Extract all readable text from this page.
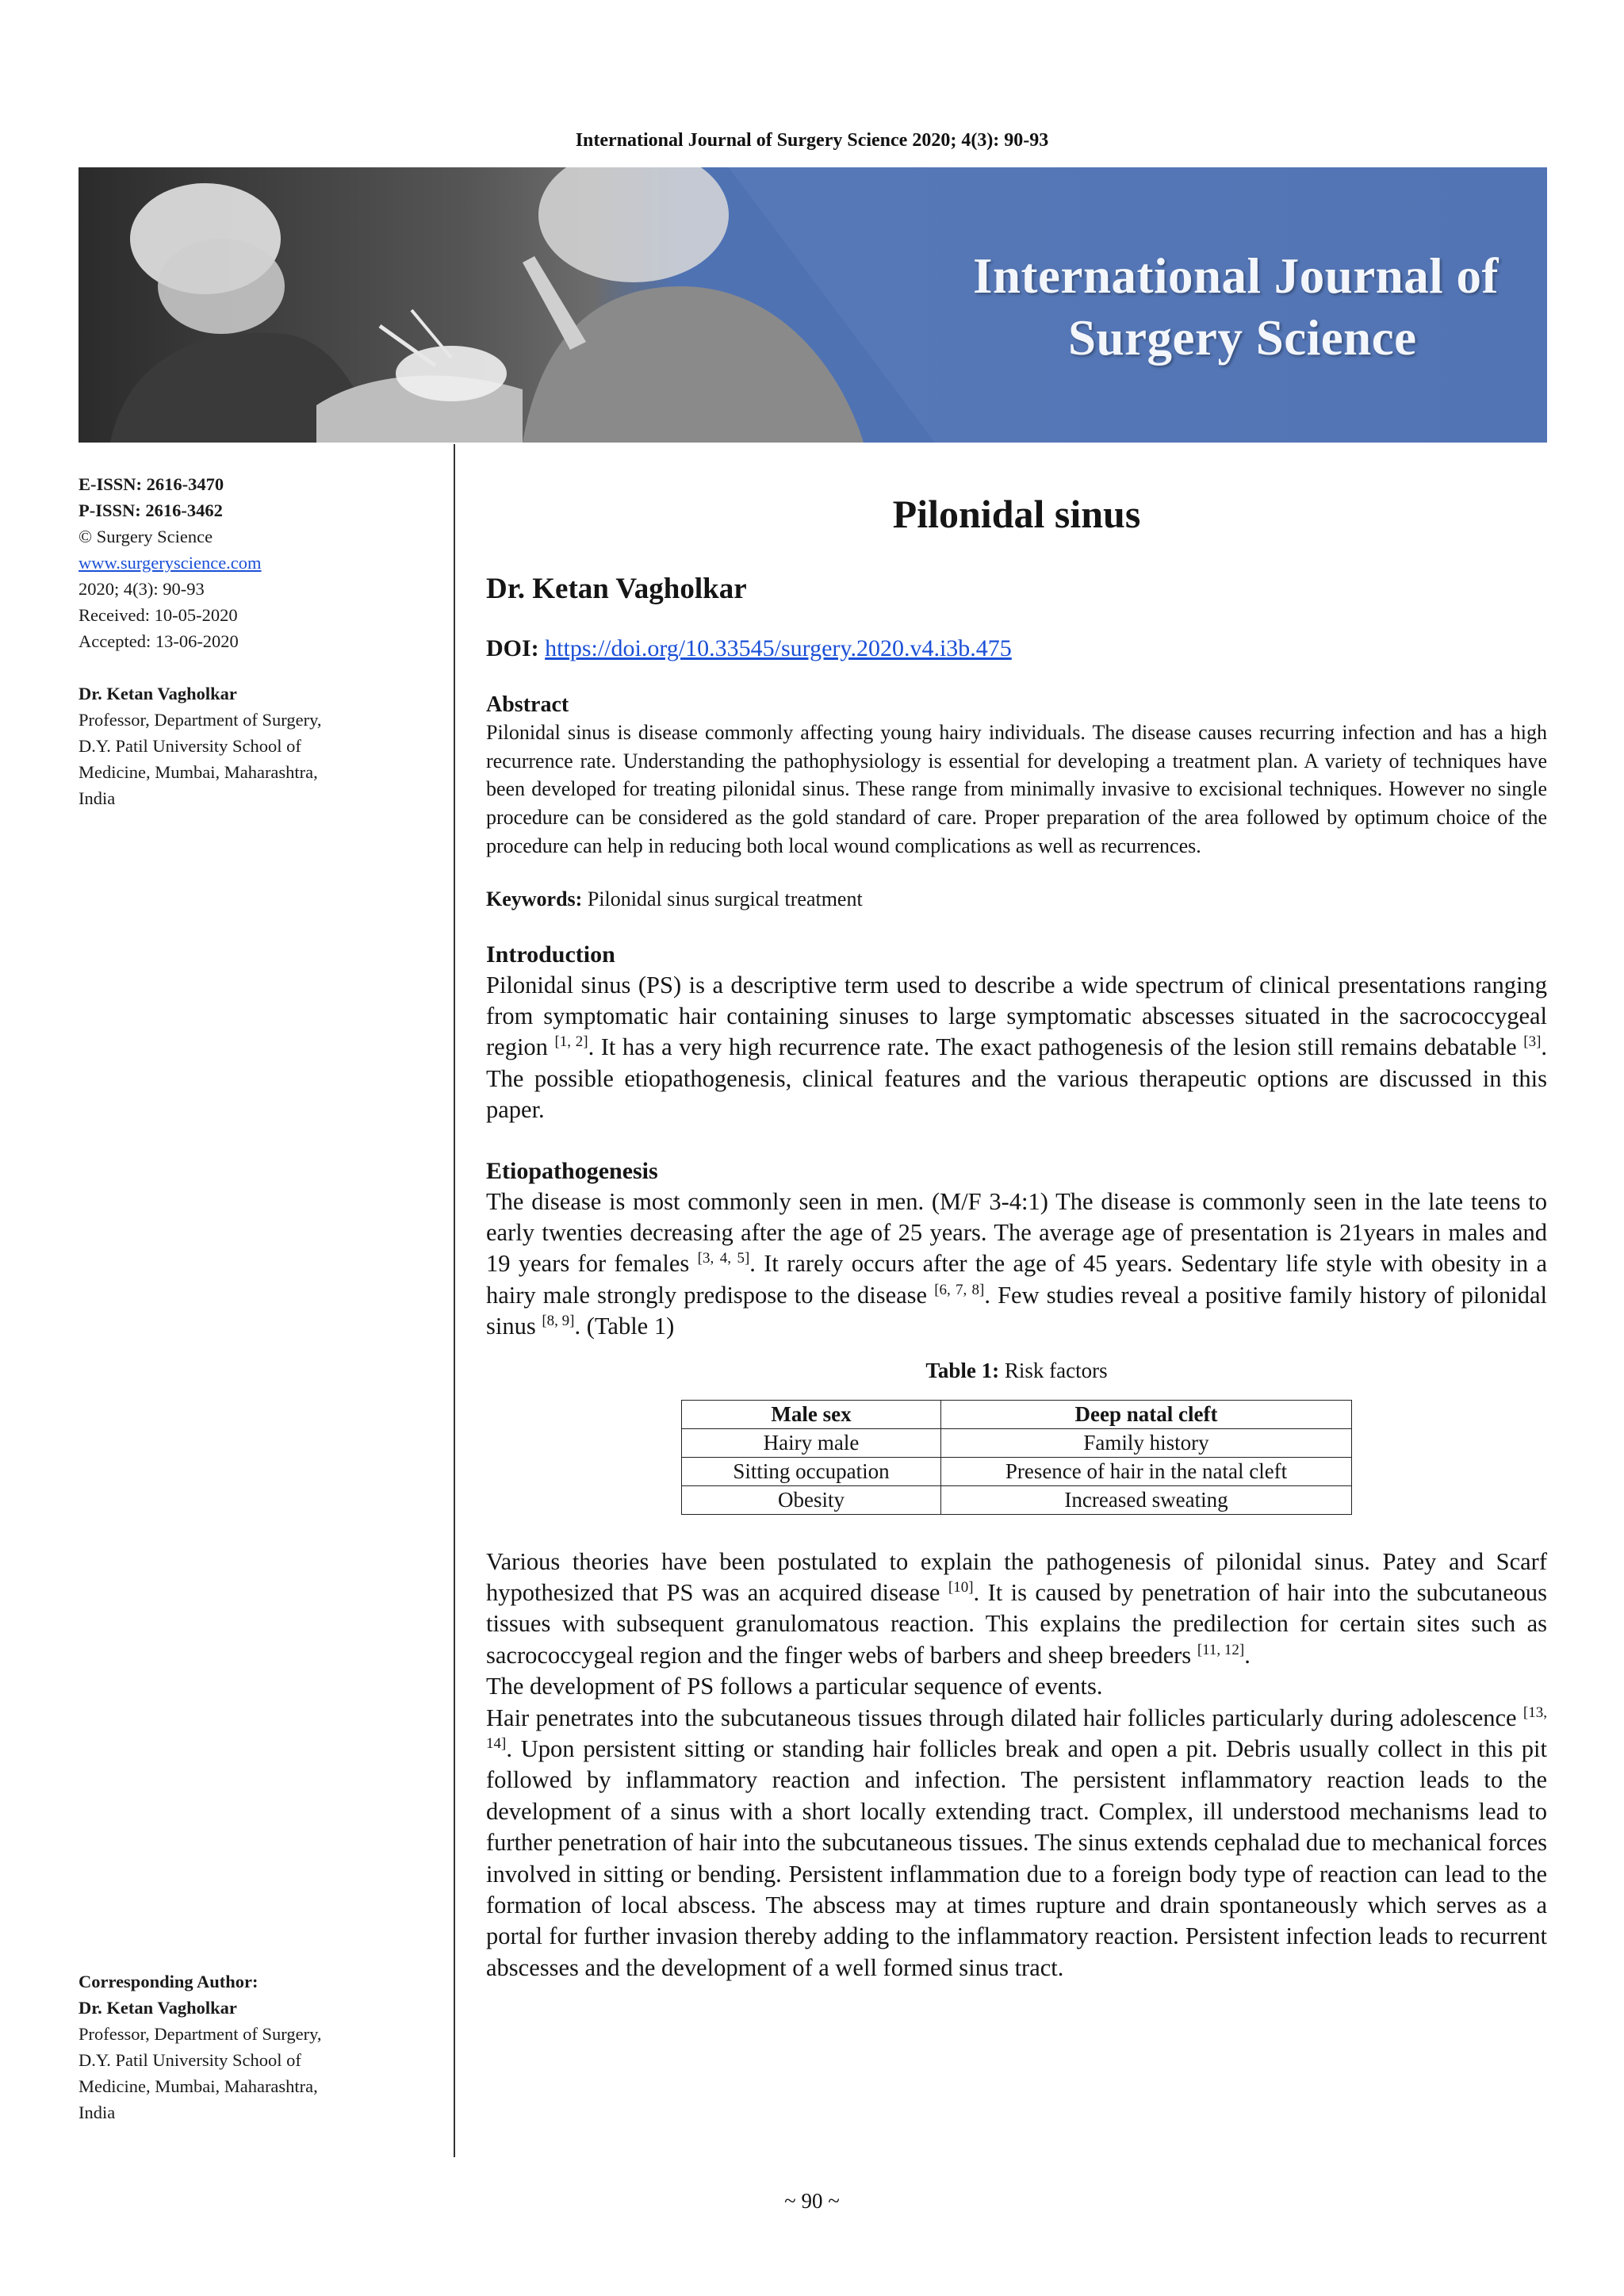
International Journal of Surgery Science 2020; 4(3): 90-93
International Journal of
Surgery Science
E-ISSN: 2616-3470
P-ISSN: 2616-3462
© Surgery Science
www.surgeryscience.com
2020; 4(3): 90-93
Received: 10-05-2020
Accepted: 13-06-2020
Dr. Ketan Vagholkar
Professor, Department of Surgery,
D.Y. Patil University School of
Medicine, Mumbai, Maharashtra,
India
Corresponding Author:
Dr. Ketan Vagholkar
Professor, Department of Surgery,
D.Y. Patil University School of
Medicine, Mumbai, Maharashtra,
India
Pilonidal sinus
Dr. Ketan Vagholkar
DOI: https://doi.org/10.33545/surgery.2020.v4.i3b.475
Abstract

Pilonidal sinus is disease commonly affecting young hairy individuals. The disease causes recurring infection and has a high recurrence rate. Understanding the pathophysiology is essential for developing a treatment plan. A variety of techniques have been developed for treating pilonidal sinus. These range from minimally invasive to excisional techniques. However no single procedure can be considered as the gold standard of care. Proper preparation of the area followed by optimum choice of the procedure can help in reducing both local wound complications as well as recurrences.

Keywords: Pilonidal sinus surgical treatment
Introduction

Pilonidal sinus (PS) is a descriptive term used to describe a wide spectrum of clinical presentations ranging from symptomatic hair containing sinuses to large symptomatic abscesses situated in the sacrococcygeal region [1, 2]. It has a very high recurrence rate. The exact pathogenesis of the lesion still remains debatable [3]. The possible etiopathogenesis, clinical features and the various therapeutic options are discussed in this paper.

Etiopathogenesis

The disease is most commonly seen in men. (M/F 3-4:1) The disease is commonly seen in the late teens to early twenties decreasing after the age of 25 years. The average age of presentation is 21years in males and 19 years for females [3, 4, 5]. It rarely occurs after the age of 45 years. Sedentary life style with obesity in a hairy male strongly predispose to the disease [6, 7, 8]. Few studies reveal a positive family history of pilonidal sinus [8, 9]. (Table 1)

Table 1: Risk factors
Male sex	Deep natal cleft
Hairy male	Family history
Sitting occupation	Presence of hair in the natal cleft
Obesity	Increased sweating

Various theories have been postulated to explain the pathogenesis of pilonidal sinus. Patey and Scarf hypothesized that PS was an acquired disease [10]. It is caused by penetration of hair into the subcutaneous tissues with subsequent granulomatous reaction. This explains the predilection for certain sites such as sacrococcygeal region and the finger webs of barbers and sheep breeders [11, 12].

The development of PS follows a particular sequence of events.

Hair penetrates into the subcutaneous tissues through dilated hair follicles particularly during adolescence [13, 14]. Upon persistent sitting or standing hair follicles break and open a pit. Debris usually collect in this pit followed by inflammatory reaction and infection. The persistent inflammatory reaction leads to the development of a sinus with a short locally extending tract. Complex, ill understood mechanisms lead to further penetration of hair into the subcutaneous tissues. The sinus extends cephalad due to mechanical forces involved in sitting or bending. Persistent inflammation due to a foreign body type of reaction can lead to the formation of local abscess. The abscess may at times rupture and drain spontaneously which serves as a portal for further invasion thereby adding to the inflammatory reaction. Persistent infection leads to recurrent abscesses and the development of a well formed sinus tract.

~ 90 ~
